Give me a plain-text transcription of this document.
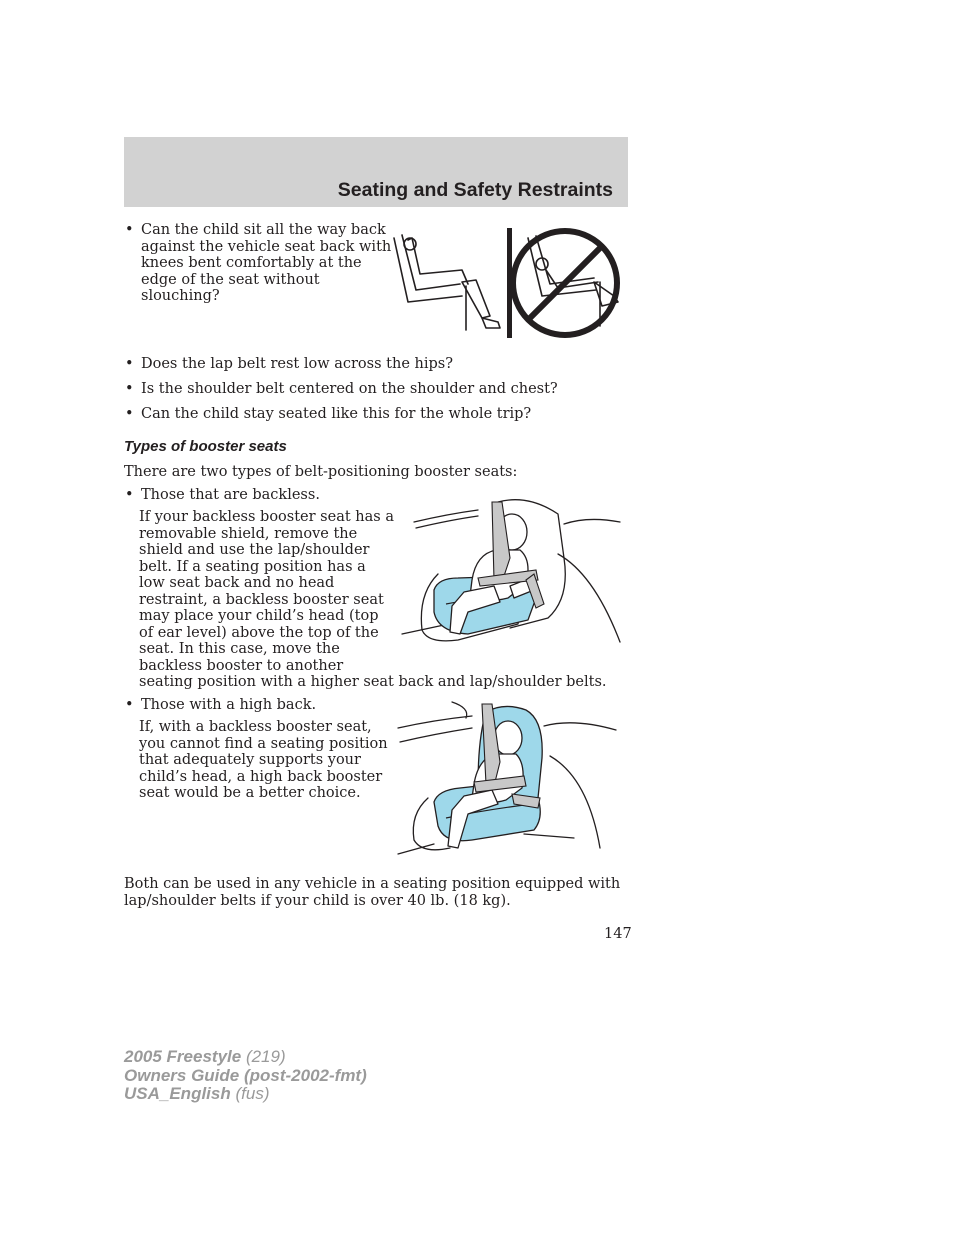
Seating and Safety Restraints
• Can the child sit all the way back
against the vehicle seat back with
knees bent comfortably at the
edge of the seat without
slouching?
• Does the lap belt rest low across the hips?
• Is the shoulder belt centered on the shoulder and chest?
• Can the child stay seated like this for the whole trip?
Types of booster seats
There are two types of belt-positioning booster seats:
• Those that are backless.
If your backless booster seat has a
removable shield, remove the
shield and use the lap/shoulder
belt. If a seating position has a
low seat back and no head
restraint, a backless booster seat
may place your child’s head (top
of ear level) above the top of the
seat. In this case, move the
backless booster to another
seating position with a higher seat back and lap/shoulder belts.
• Those with a high back.
If, with a backless booster seat,
you cannot find a seating position
that adequately supports your
child’s head, a high back booster
seat would be a better choice.
Both can be used in any vehicle in a seating position equipped with
lap/shoulder belts if your child is over 40 lb. (18 kg).
147
2005 Freestyle (219)
Owners Guide (post-2002-fmt)
USA_English (fus)
